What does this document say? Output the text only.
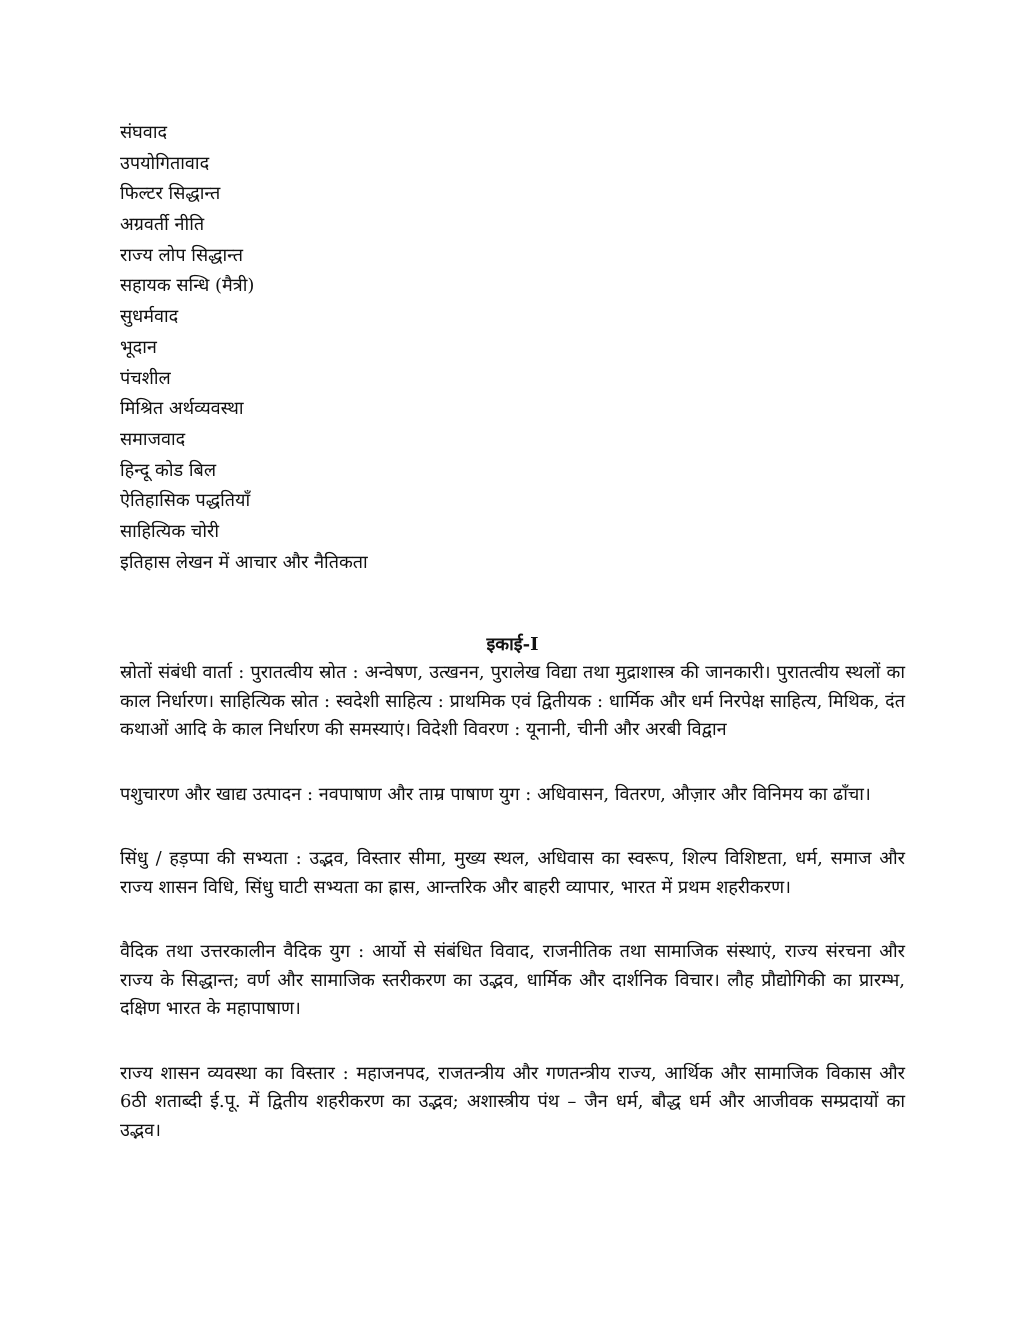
संघवाद
उपयोगितावाद
फिल्टर सिद्धान्त
अग्रवर्ती नीति
राज्य लोप सिद्धान्त
सहायक सन्धि (मैत्री)
सुधर्मवाद
भूदान
पंचशील
मिश्रित अर्थव्यवस्था
समाजवाद
हिन्दू कोड बिल
ऐतिहासिक पद्धतियाँ
साहित्यिक चोरी
इतिहास लेखन में आचार और नैतिकता
इकाई-I

स्रोतों संबंधी वार्ता : पुरातत्वीय स्रोत : अन्वेषण, उत्खनन, पुरालेख विद्या तथा मुद्राशास्त्र की जानकारी। पुरातत्वीय स्थलों का काल निर्धारण। साहित्यिक स्रोत : स्वदेशी साहित्य : प्राथमिक एवं द्वितीयक : धार्मिक और धर्म निरपेक्ष साहित्य, मिथिक, दंत कथाओं आदि के काल निर्धारण की समस्याएं। विदेशी विवरण : यूनानी, चीनी और अरबी विद्वान

पशुचारण और खाद्य उत्पादन : नवपाषाण और ताम्र पाषाण युग : अधिवासन, वितरण, औज़ार और विनिमय का ढाँचा।

सिंधु / हड़प्पा की सभ्यता : उद्भव, विस्तार सीमा, मुख्य स्थल, अधिवास का स्वरूप, शिल्प विशिष्टता, धर्म, समाज और राज्य शासन विधि, सिंधु घाटी सभ्यता का ह्रास, आन्तरिक और बाहरी व्यापार, भारत में प्रथम शहरीकरण।

वैदिक तथा उत्तरकालीन वैदिक युग : आर्यो से संबंधित विवाद, राजनीतिक तथा सामाजिक संस्थाएं, राज्य संरचना और राज्य के सिद्धान्त; वर्ण और सामाजिक स्तरीकरण का उद्भव, धार्मिक और दार्शनिक विचार। लौह प्रौद्योगिकी का प्रारम्भ, दक्षिण भारत के महापाषाण।

राज्य शासन व्यवस्था का विस्तार : महाजनपद, राजतन्त्रीय और गणतन्त्रीय राज्य, आर्थिक और सामाजिक विकास और 6ठी शताब्दी ई.पू. में द्वितीय शहरीकरण का उद्भव; अशास्त्रीय पंथ – जैन धर्म, बौद्ध धर्म और आजीवक सम्प्रदायों का उद्भव।
